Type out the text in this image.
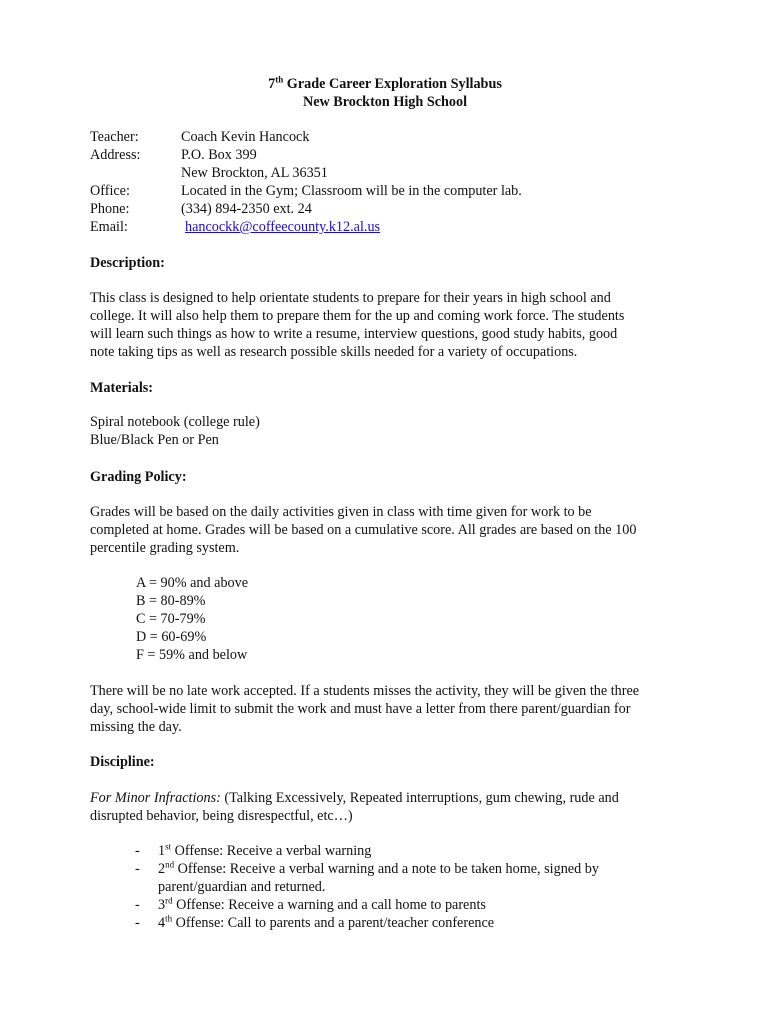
7th Grade Career Exploration Syllabus
New Brockton High School
Teacher:	Coach Kevin Hancock
Address:	P.O. Box 399
New Brockton, AL 36351
Office:	Located in the Gym; Classroom will be in the computer lab.
Phone:	(334) 894-2350 ext. 24
Email:	hancockk@coffeecounty.k12.al.us
Description:
This class is designed to help orientate students to prepare for their years in high school and
college. It will also help them to prepare them for the up and coming work force. The students
will learn such things as how to write a resume, interview questions, good study habits, good
note taking tips as well as research possible skills needed for a variety of occupations.
Materials:
Spiral notebook (college rule)
Blue/Black Pen or Pen
Grading Policy:
Grades will be based on the daily activities given in class with time given for work to be
completed at home. Grades will be based on a cumulative score. All grades are based on the 100
percentile grading system.
A = 90% and above
B = 80-89%
C = 70-79%
D = 60-69%
F = 59% and below
There will be no late work accepted. If a students misses the activity, they will be given the three
day, school-wide limit to submit the work and must have a letter from there parent/guardian for
missing the day.
Discipline:
For Minor Infractions: (Talking Excessively, Repeated interruptions, gum chewing, rude and
disrupted behavior, being disrespectful, etc…)
- 1st Offense: Receive a verbal warning
- 2nd Offense: Receive a verbal warning and a note to be taken home, signed by
parent/guardian and returned.
- 3rd Offense: Receive a warning and a call home to parents
- 4th Offense: Call to parents and a parent/teacher conference
